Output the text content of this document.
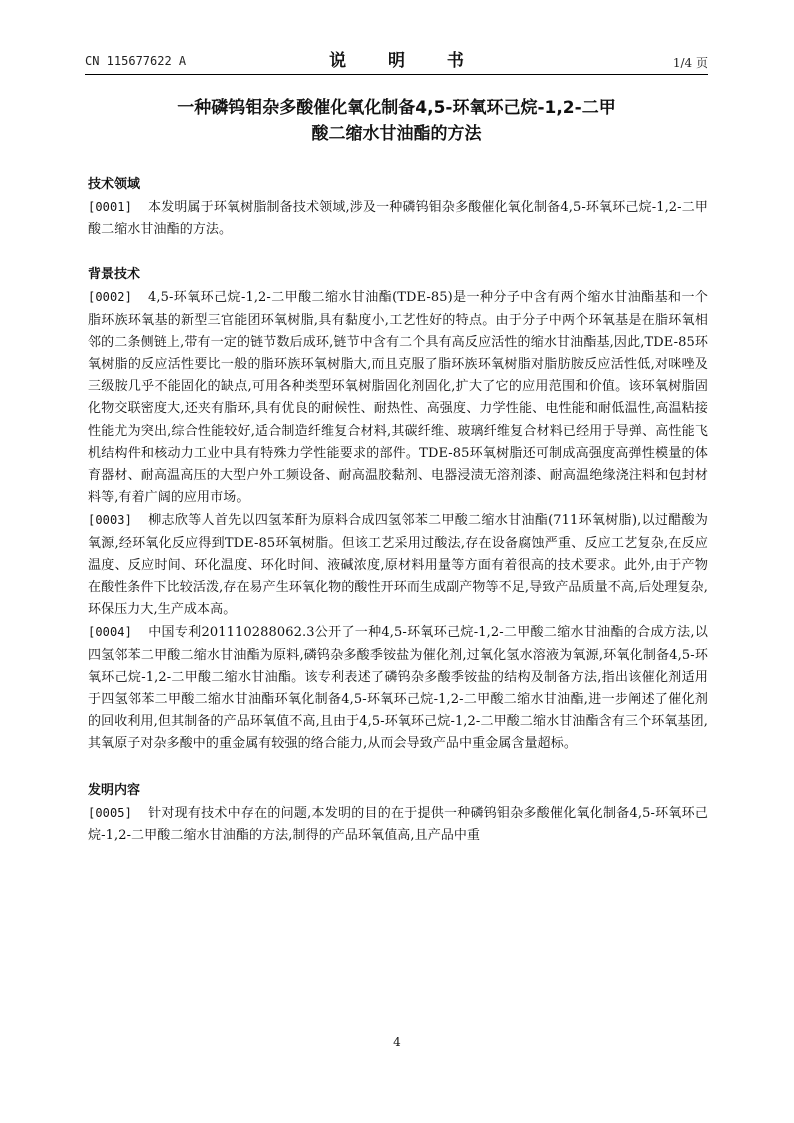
CN 115677622 A	说 明 书	1/4 页
一种磷钨钼杂多酸催化氧化制备4,5-环氧环己烷-1,2-二甲
酸二缩水甘油酯的方法
技术领域
[0001] 本发明属于环氧树脂制备技术领域,涉及一种磷钨钼杂多酸催化氧化制备4,5-环氧环己烷-1,2-二甲酸二缩水甘油酯的方法。
背景技术
[0002] 4,5-环氧环己烷-1,2-二甲酸二缩水甘油酯(TDE-85)是一种分子中含有两个缩水甘油酯基和一个脂环族环氧基的新型三官能团环氧树脂,具有黏度小,工艺性好的特点。由于分子中两个环氧基是在脂环氧相邻的二条侧链上,带有一定的链节数后成环,链节中含有二个具有高反应活性的缩水甘油酯基,因此,TDE-85环氧树脂的反应活性要比一般的脂环族环氧树脂大,而且克服了脂环族环氧树脂对脂肪胺反应活性低,对咪唑及三级胺几乎不能固化的缺点,可用各种类型环氧树脂固化剂固化,扩大了它的应用范围和价值。该环氧树脂固化物交联密度大,还夹有脂环,具有优良的耐候性、耐热性、高强度、力学性能、电性能和耐低温性,高温粘接性能尤为突出,综合性能较好,适合制造纤维复合材料,其碳纤维、玻璃纤维复合材料已经用于导弹、高性能飞机结构件和核动力工业中具有特殊力学性能要求的部件。TDE-85环氧树脂还可制成高强度高弹性模量的体育器材、耐高温高压的大型户外工频设备、耐高温胶黏剂、电器浸渍无溶剂漆、耐高温绝缘浇注料和包封材料等,有着广阔的应用市场。
[0003] 柳志欣等人首先以四氢苯酐为原料合成四氢邻苯二甲酸二缩水甘油酯(711环氧树脂),以过醋酸为氧源,经环氧化反应得到TDE-85环氧树脂。但该工艺采用过酸法,存在设备腐蚀严重、反应工艺复杂,在反应温度、反应时间、环化温度、环化时间、液碱浓度,原材料用量等方面有着很高的技术要求。此外,由于产物在酸性条件下比较活泼,存在易产生环氧化物的酸性开环而生成副产物等不足,导致产品质量不高,后处理复杂,环保压力大,生产成本高。
[0004] 中国专利201110288062.3公开了一种4,5-环氧环己烷-1,2-二甲酸二缩水甘油酯的合成方法,以四氢邻苯二甲酸二缩水甘油酯为原料,磷钨杂多酸季铵盐为催化剂,过氧化氢水溶液为氧源,环氧化制备4,5-环氧环己烷-1,2-二甲酸二缩水甘油酯。该专利表述了磷钨杂多酸季铵盐的结构及制备方法,指出该催化剂适用于四氢邻苯二甲酸二缩水甘油酯环氧化制备4,5-环氧环己烷-1,2-二甲酸二缩水甘油酯,进一步阐述了催化剂的回收利用,但其制备的产品环氧值不高,且由于4,5-环氧环己烷-1,2-二甲酸二缩水甘油酯含有三个环氧基团,其氧原子对杂多酸中的重金属有较强的络合能力,从而会导致产品中重金属含量超标。
发明内容
[0005] 针对现有技术中存在的问题,本发明的目的在于提供一种磷钨钼杂多酸催化氧化制备4,5-环氧环己烷-1,2-二甲酸二缩水甘油酯的方法,制得的产品环氧值高,且产品中重
4
